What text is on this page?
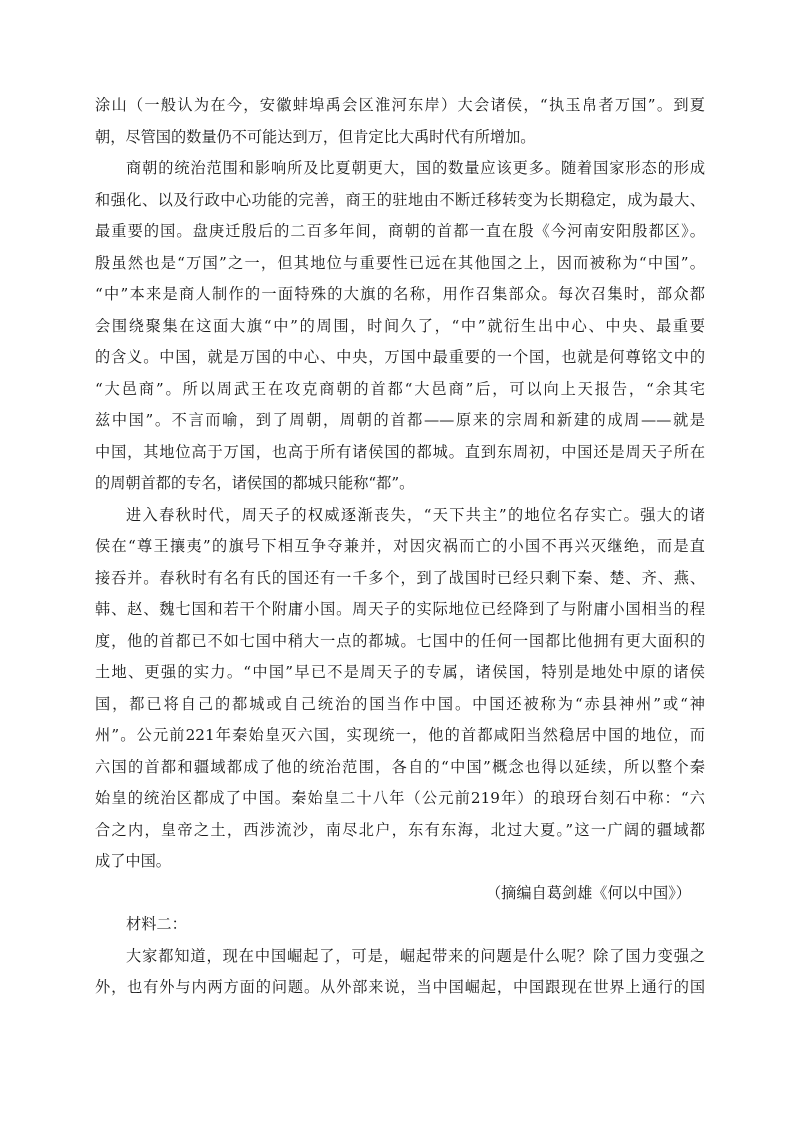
涂山（一般认为在今，安徽蚌埠禹会区淮河东岸）大会诸侯，“执玉帛者万国”。到夏
朝，尽管国的数量仍不可能达到万，但肯定比大禹时代有所增加。
商朝的统治范围和影响所及比夏朝更大，国的数量应该更多。随着国家形态的形成
和强化、以及行政中心功能的完善，商王的驻地由不断迁移转变为长期稳定，成为最大、
最重要的国。盘庚迁殷后的二百多年间，商朝的首都一直在殷《今河南安阳殷都区》。
殷虽然也是“万国”之一，但其地位与重要性已远在其他国之上，因而被称为“中国”。
“中”本来是商人制作的一面特殊的大旗的名称，用作召集部众。每次召集时，部众都
会围绕聚集在这面大旗“中”的周围，时间久了，“中”就衍生出中心、中央、最重要
的含义。中国，就是万国的中心、中央，万国中最重要的一个国，也就是何尊铭文中的
“大邑商”。所以周武王在攻克商朝的首都“大邑商”后，可以向上天报告，“余其宅
兹中国”。不言而喻，到了周朝，周朝的首都——原来的宗周和新建的成周——就是
中国，其地位高于万国，也高于所有诸侯国的都城。直到东周初，中国还是周天子所在
的周朝首都的专名，诸侯国的都城只能称“都”。
进入春秋时代，周天子的权威逐渐丧失，“天下共主”的地位名存实亡。强大的诸
侯在“尊王攘夷”的旗号下相互争夺兼并，对因灾祸而亡的小国不再兴灭继绝，而是直
接吞并。春秋时有名有氏的国还有一千多个，到了战国时已经只剩下秦、楚、齐、燕、
韩、赵、魏七国和若干个附庸小国。周天子的实际地位已经降到了与附庸小国相当的程
度，他的首都已不如七国中稍大一点的都城。七国中的任何一国都比他拥有更大面积的
土地、更强的实力。“中国”早已不是周天子的专属，诸侯国，特别是地处中原的诸侯
国，都已将自己的都城或自己统治的国当作中国。中国还被称为“赤县神州”或“神
州”。公元前221年秦始皇灭六国，实现统一，他的首都咸阳当然稳居中国的地位，而
六国的首都和疆域都成了他的统治范围，各自的“中国”概念也得以延续，所以整个秦
始皇的统治区都成了中国。秦始皇二十八年（公元前219年）的琅玡台刻石中称：“六
合之内，皇帝之土，西涉流沙，南尽北户，东有东海，北过大夏。”这一广阔的疆域都
成了中国。
（摘编自葛剑雄《何以中国》）
材料二：
大家都知道，现在中国崛起了，可是，崛起带来的问题是什么呢？除了国力变强之
外，也有外与内两方面的问题。从外部来说，当中国崛起，中国跟现在世界上通行的国
